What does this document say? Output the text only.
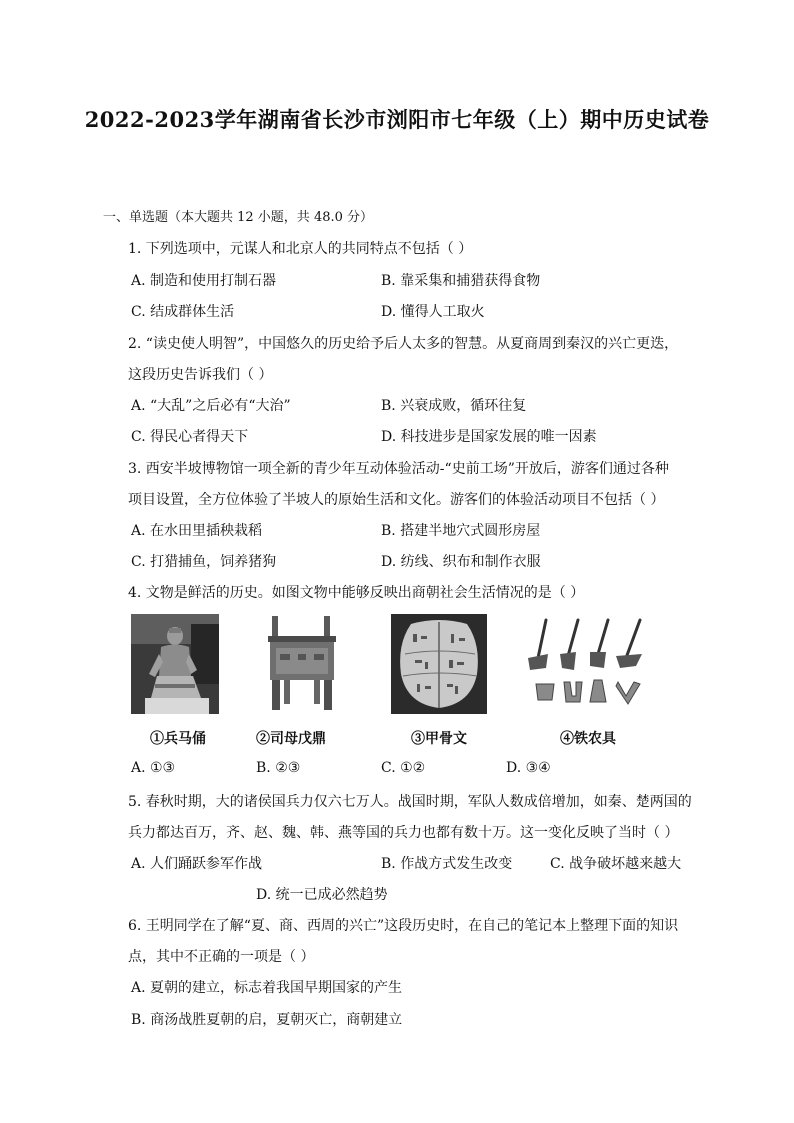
2022-2023学年湖南省长沙市浏阳市七年级（上）期中历史试卷
一、单选题（本大题共 12 小题，共 48.0 分）
1. 下列选项中，元谋人和北京人的共同特点不包括（ ）
A. 制造和使用打制石器	B. 靠采集和捕猎获得食物
C. 结成群体生活	D. 懂得人工取火
2. “读史使人明智”，中国悠久的历史给予后人太多的智慧。从夏商周到秦汉的兴亡更迭，
这段历史告诉我们（ ）
A. “大乱”之后必有“大治”	B. 兴衰成败，循环往复
C. 得民心者得天下	D. 科技进步是国家发展的唯一因素
3. 西安半坡博物馆一项全新的青少年互动体验活动-“史前工场”开放后，游客们通过各种
项目设置，全方位体验了半坡人的原始生活和文化。游客们的体验活动项目不包括（ ）
A. 在水田里插秧栽稻	B. 搭建半地穴式圆形房屋
C. 打猎捕鱼，饲养猪狗	D. 纺线、织布和制作衣服
4. 文物是鲜活的历史。如图文物中能够反映出商朝社会生活情况的是（ ）
①兵马俑	②司母戊鼎	③甲骨文	④铁农具
A. ①③	B. ②③	C. ①②	D. ③④
5. 春秋时期，大的诸侯国兵力仅六七万人。战国时期，军队人数成倍增加，如秦、楚两国的
兵力都达百万，齐、赵、魏、韩、燕等国的兵力也都有数十万。这一变化反映了当时（ ）
A. 人们踊跃参军作战	B. 作战方式发生改变	C. 战争破坏越来越大
D. 统一已成必然趋势
6. 王明同学在了解“夏、商、西周的兴亡”这段历史时，在自己的笔记本上整理下面的知识
点，其中不正确的一项是（ ）
A. 夏朝的建立，标志着我国早期国家的产生
B. 商汤战胜夏朝的启，夏朝灭亡，商朝建立
